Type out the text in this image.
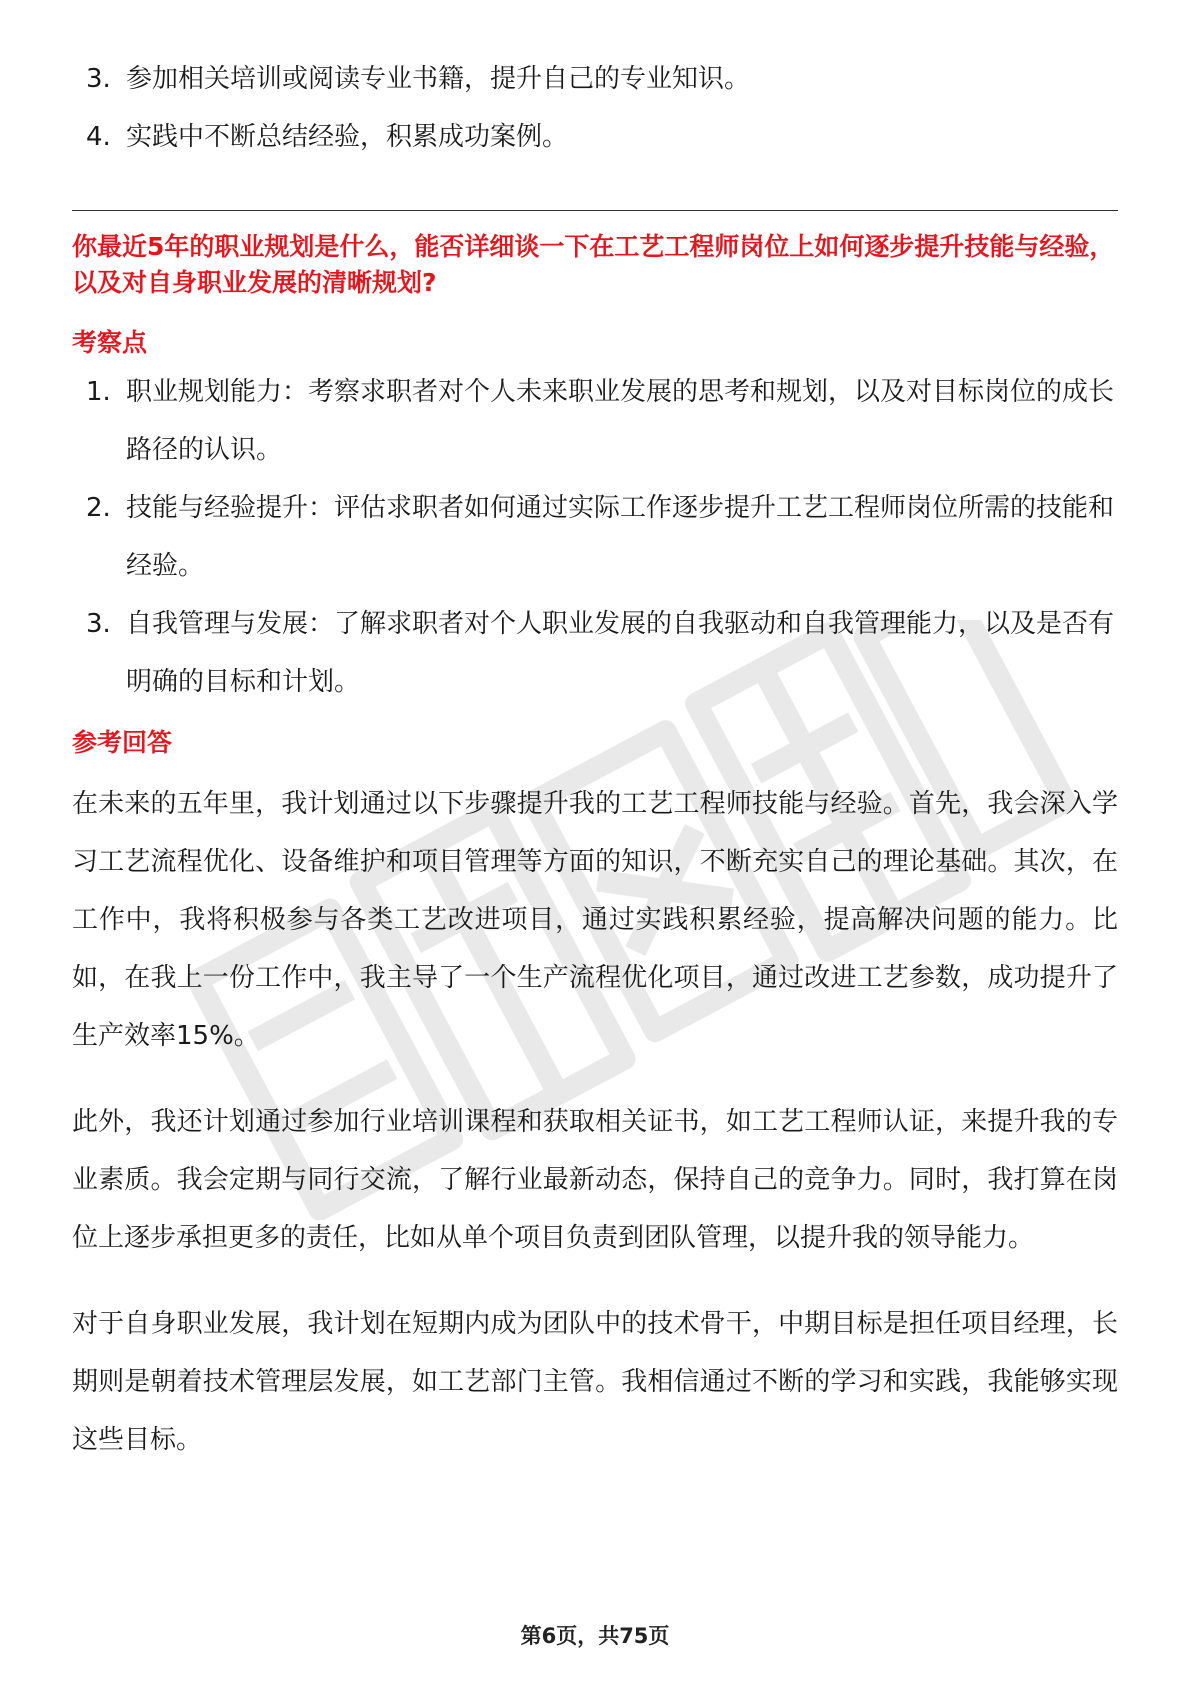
3. 参加相关培训或阅读专业书籍，提升自己的专业知识。
4. 实践中不断总结经验，积累成功案例。
你最近5年的职业规划是什么，能否详细谈一下在工艺工程师岗位上如何逐步提升技能与经验，以及对自身职业发展的清晰规划?
考察点
1. 职业规划能力：考察求职者对个人未来职业发展的思考和规划，以及对目标岗位的成长路径的认识。
2. 技能与经验提升：评估求职者如何通过实际工作逐步提升工艺工程师岗位所需的技能和经验。
3. 自我管理与发展：了解求职者对个人职业发展的自我驱动和自我管理能力，以及是否有明确的目标和计划。
参考回答

在未来的五年里，我计划通过以下步骤提升我的工艺工程师技能与经验。首先，我会深入学习工艺流程优化、设备维护和项目管理等方面的知识，不断充实自己的理论基础。其次，在工作中，我将积极参与各类工艺改进项目，通过实践积累经验，提高解决问题的能力。比如，在我上一份工作中，我主导了一个生产流程优化项目，通过改进工艺参数，成功提升了生产效率15%。

此外，我还计划通过参加行业培训课程和获取相关证书，如工艺工程师认证，来提升我的专业素质。我会定期与同行交流，了解行业最新动态，保持自己的竞争力。同时，我打算在岗位上逐步承担更多的责任，比如从单个项目负责到团队管理，以提升我的领导能力。

对于自身职业发展，我计划在短期内成为团队中的技术骨干，中期目标是担任项目经理，长期则是朝着技术管理层发展，如工艺部门主管。我相信通过不断的学习和实践，我能够实现这些目标。

第6页，共75页
